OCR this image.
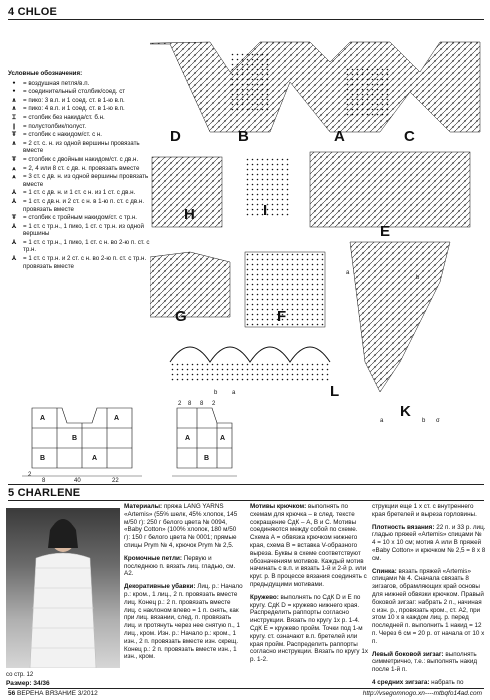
4 CHLOE
Условные обозначения:
•	= воздушная петля/в.п.
•	= соединительный столбик/соед. ст
∧	= пико: 3 в.п. и 1 соед. ст. в 1-ю в.п.
∧	= пико: 4 в.п. и 1 соед. ст. в 1-ю в.п.
Ɪ	= столбик без накида/ст. б.н.
ǀ	= полустолбик/полуст.
Ŧ	= столбик с накидом/ст. с н.
∧	= 2 ст. с. н. из одной вершины провязать вместе
Ŧ	= столбик с двойным накидом/ст. с дв.н.
⩓	= 2, 4 или 8 ст. с дв. н. провязать вместе
⩓	= 3 ст. с дв. н. из одной вершины провязать вместе
⅄	= 1 ст. с дв. н. и 1 ст. с н. из 1 ст. с дв.н.
⅄	= 1 ст. с дв.н. и 2 ст. с н. в 1-ю п. ст. с дв.н. провязать вместе
Ŧ	= столбик с тройным накидом/ст. с тр.н.
⅄	= 1 ст. с тр.н., 1 пико, 1 ст. с тр.н. из одной вершины
⅄	= 1 ст. с тр.н., 1 пико, 1 ст. с н. во 2-ю п. ст. с тр.н.
⅄	= 1 ст. с тр.н. и 2 ст. с н. во 2-ю п. ст. с тр.н. провязать вместе
D	B	A	C
H	I
E
G	F
L
K
b a
a
b
a	b σ
A
B
A
B	A
A
B
A
2
8	40	22
2 8 8 2
5 CHARLENE
со стр. 12
Размер: 34/36

Материалы: пряжа LANG YARNS «Artemis» (55% шелк, 45% хлопок, 145 м/50 г): 250 г белого цвета № 0094, «Baby Cotton» (100% хлопок, 180 м/50 г): 150 г белого цвета № 0001; прямые спицы Prym № 4, крючок Prym № 2,5.

Кромочные петли: Первую и последнюю п. вязать лиц. гладью, см. А2.

Декоративные убавки: Лиц. р.: Начало р.: кром., 1 лиц., 2 п. провязать вместе лиц. Конец р.: 2 п. провязать вместе лиц. с наклоном влево = 1 п. снять, как при лиц. вязании, след. п. провязать лиц. и протянуть через нее снятую п., 1 лиц., кром. Изн. р.: Начало р.: кром., 1 изн., 2 п. провязать вместе изн. скрещ. Конец р.: 2 п. провязать вместе изн., 1 изн., кром.

Мотивы крючком: выполнять по схемам для крючка – в след. тексте сокращение СдК – А, В и С. Мотивы соединяются между собой по схеме. Схема А = обвязка крючком нижнего края, схема В = вставка V-образного выреза. Буквы в схеме соответствуют обозначениям мотивов. Каждый мотив начинать с в.п. и вязать 1-й и 2-й р. или круг. р. В процессе вязания соединять с предыдущими мотивами.

Кружево: выполнять по СдК D и E по кругу. СдК D = кружево нижнего края. Распределить раппорты согласно инструкции. Вязать по кругу 1х р. 1-4. СдК Е = кружево пройм. Точки под 1-м кругу. ст. означают в.п. бретелей или края пройм. Распределить раппорты согласно инструкции. Вязать по кругу 1х р. 1-2.

струкции еще 1 х ст. с внутреннего края бретелей и выреза горловины.

Плотность вязания: 22 п. и 33 р. лиц. гладью пряжей «Artemis» спицами № 4 = 10 х 10 см; мотив А или В пряжей «Baby Cotton» и крючком № 2,5 = 8 х 8 см.

Спинка: вязать пряжей «Artemis» спицами № 4. Сначала связать 8 зигзагов, обрамляющих край основы для нижней обвязки крючком. Правый боковой зигзаг: набрать 2 п., начиная с изн. р., провязать кром., ст. А2, при этом 10 х в каждом лиц. р. перед последней п. выполнить 1 накид = 12 п. Через 6 см = 20 р. от начала от 10 х п.

Левый боковой зигзаг: выполнять симметрично, т.е.: выполнять накид после 1-й п.

4 средних зигзага: набрать по

56 ВЕРЕНА ВЯЗАНИЕ 3/2012	http://vsegomnogo.xn----mtbqfo14ad.com
